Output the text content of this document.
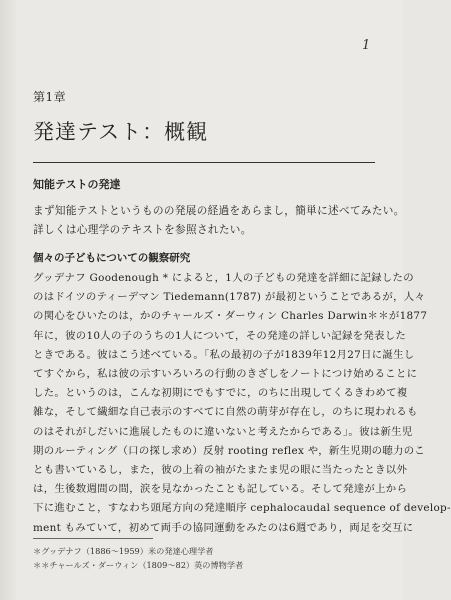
1
第1章
発達テスト：概観
知能テストの発達
まず知能テストというものの発展の経過をあらまし，簡単に述べてみたい。
詳しくは心理学のテキストを参照されたい。
個々の子どもについての観察研究
グッデナフ Goodenough * によると，1人の子どもの発達を詳細に記録したの
のはドイツのティーデマン Tiedemann(1787) が最初ということであるが，人々
の関心をひいたのは，かのチャールズ・ダーウィン Charles Darwin＊＊が1877
年に，彼の10人の子のうちの1人について，その発達の詳しい記録を発表した
ときである。彼はこう述べている。「私の最初の子が1839年12月27日に誕生し
てすぐから，私は彼の示すいろいろの行動のきざしをノートにつけ始めることに
した。というのは，こんな初期にでもすでに，のちに出現してくるきわめて複
雑な，そして繊細な自己表示のすべてに自然の萌芽が存在し，のちに現われるも
のはそれがしだいに進展したものに違いないと考えたからである」。彼は新生児
期のルーティング（口の探し求め）反射 rooting reflex や，新生児期の聴力のこ
とも書いているし，また，彼の上着の袖がたまたま児の眼に当たったとき以外
は，生後数週間の間，涙を見なかったことも記している。そして発達が上から
下に進むこと，すなわち頭尾方向の発達順序 cephalocaudal sequence of develop-
ment もみていて，初めて両手の協同運動をみたのは6週であり，両足を交互に
＊グッデナフ（1886～1959）米の発達心理学者
＊＊チャールズ・ダーウィン（1809～82）英の博物学者
